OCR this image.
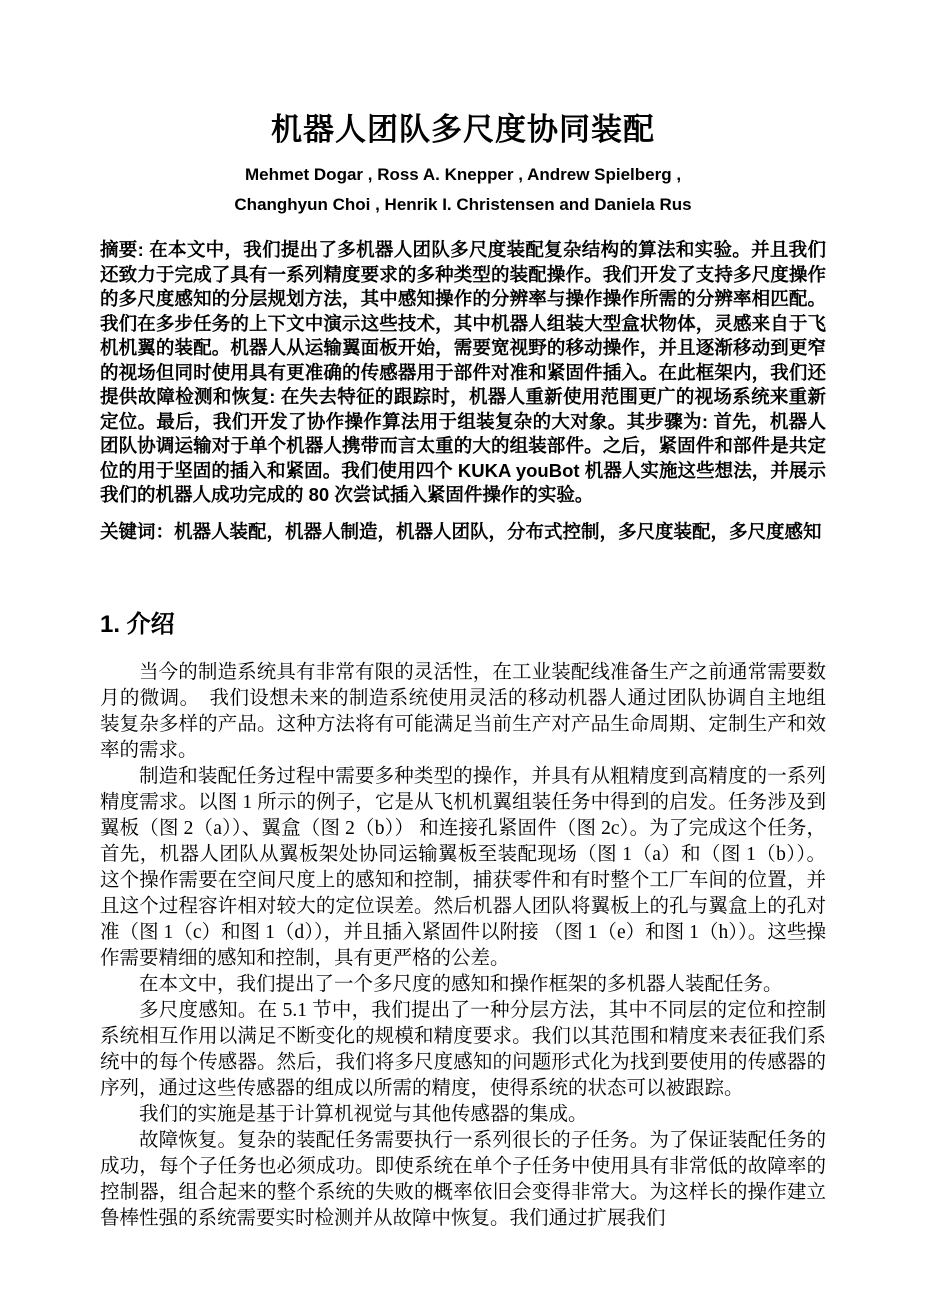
机器人团队多尺度协同装配
Mehmet Dogar , Ross A. Knepper , Andrew Spielberg ,
Changhyun Choi , Henrik I. Christensen and Daniela Rus

摘要: 在本文中，我们提出了多机器人团队多尺度装配复杂结构的算法和实验。并且我们还致力于完成了具有一系列精度要求的多种类型的装配操作。我们开发了支持多尺度操作的多尺度感知的分层规划方法，其中感知操作的分辨率与操作操作所需的分辨率相匹配。我们在多步任务的上下文中演示这些技术，其中机器人组装大型盒状物体，灵感来自于飞机机翼的装配。机器人从运输翼面板开始，需要宽视野的移动操作，并且逐渐移动到更窄的视场但同时使用具有更准确的传感器用于部件对准和紧固件插入。在此框架内，我们还提供故障检测和恢复: 在失去特征的跟踪时，机器人重新使用范围更广的视场系统来重新定位。最后，我们开发了协作操作算法用于组装复杂的大对象。其步骤为: 首先，机器人团队协调运输对于单个机器人携带而言太重的大的组装部件。之后，紧固件和部件是共定位的用于坚固的插入和紧固。我们使用四个 KUKA youBot 机器人实施这些想法，并展示我们的机器人成功完成的 80 次尝试插入紧固件操作的实验。

关键词：机器人装配，机器人制造，机器人团队，分布式控制，多尺度装配，多尺度感知

1. 介绍

当今的制造系统具有非常有限的灵活性，在工业装配线准备生产之前通常需要数月的微调。　我们设想未来的制造系统使用灵活的移动机器人通过团队协调自主地组装复杂多样的产品。这种方法将有可能满足当前生产对产品生命周期、定制生产和效率的需求。

制造和装配任务过程中需要多种类型的操作，并具有从粗精度到高精度的一系列精度需求。以图 1 所示的例子，它是从飞机机翼组装任务中得到的启发。任务涉及到翼板（图 2（a））、翼盒（图 2（b）） 和连接孔紧固件（图 2c）。为了完成这个任务，首先，机器人团队从翼板架处协同运输翼板至装配现场（图 1（a）和（图 1（b））。这个操作需要在空间尺度上的感知和控制，捕获零件和有时整个工厂车间的位置，并且这个过程容许相对较大的定位误差。然后机器人团队将翼板上的孔与翼盒上的孔对准（图 1（c）和图 1（d）），并且插入紧固件以附接 （图 1（e）和图 1（h））。这些操作需要精细的感知和控制，具有更严格的公差。

在本文中，我们提出了一个多尺度的感知和操作框架的多机器人装配任务。

多尺度感知。在 5.1 节中，我们提出了一种分层方法，其中不同层的定位和控制系统相互作用以满足不断变化的规模和精度要求。我们以其范围和精度来表征我们系统中的每个传感器。然后，我们将多尺度感知的问题形式化为找到要使用的传感器的序列，通过这些传感器的组成以所需的精度，使得系统的状态可以被跟踪。

我们的实施是基于计算机视觉与其他传感器的集成。

故障恢复。复杂的装配任务需要执行一系列很长的子任务。为了保证装配任务的成功，每个子任务也必须成功。即使系统在单个子任务中使用具有非常低的故障率的控制器，组合起来的整个系统的失败的概率依旧会变得非常大。为这样长的操作建立鲁棒性强的系统需要实时检测并从故障中恢复。我们通过扩展我们
